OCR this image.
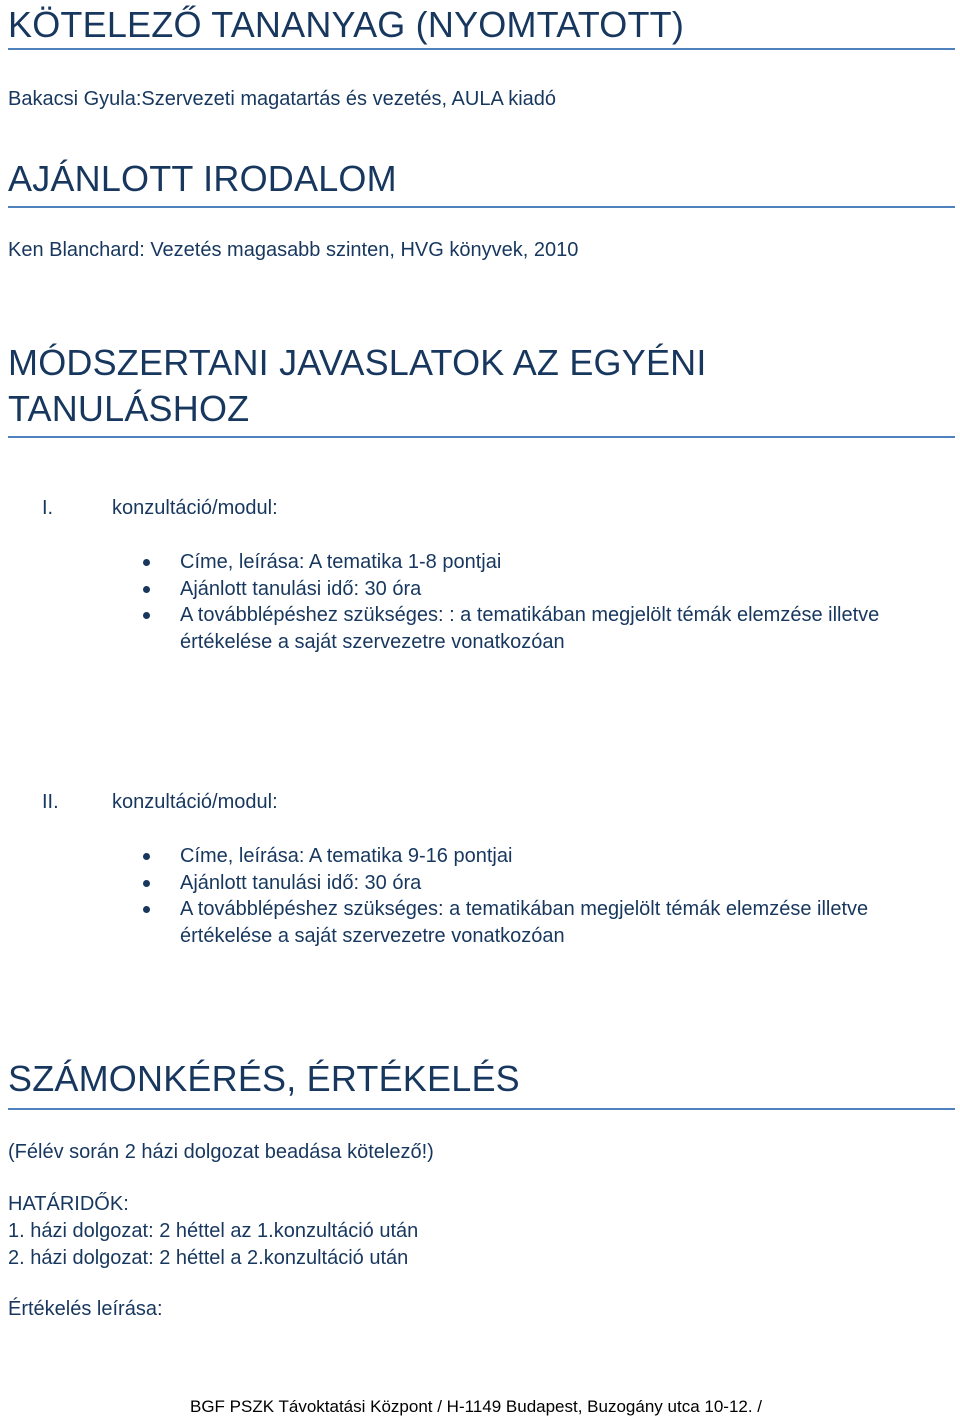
KÖTELEZŐ TANANYAG (NYOMTATOTT)
Bakacsi Gyula:Szervezeti magatartás és vezetés, AULA kiadó
AJÁNLOTT IRODALOM
Ken Blanchard: Vezetés magasabb szinten, HVG könyvek, 2010
MÓDSZERTANI JAVASLATOK AZ EGYÉNI
TANULÁSHOZ
I.	konzultáció/modul:
Címe, leírása: A tematika 1-8 pontjai
Ajánlott tanulási idő: 30 óra
A továbblépéshez szükséges: : a tematikában megjelölt témák elemzése illetve értékelése a saját szervezetre vonatkozóan
II.	konzultáció/modul:
Címe, leírása: A tematika 9-16 pontjai
Ajánlott tanulási idő: 30 óra
A továbblépéshez szükséges: a tematikában megjelölt témák elemzése illetve értékelése a saját szervezetre vonatkozóan
SZÁMONKÉRÉS, ÉRTÉKELÉS
(Félév során 2 házi dolgozat beadása kötelező!)
HATÁRIDŐK:
1. házi dolgozat: 2 héttel az 1.konzultáció után
2. házi dolgozat: 2 héttel a 2.konzultáció után
Értékelés leírása:
BGF PSZK Távoktatási Központ / H-1149 Budapest, Buzogány utca 10-12. /
